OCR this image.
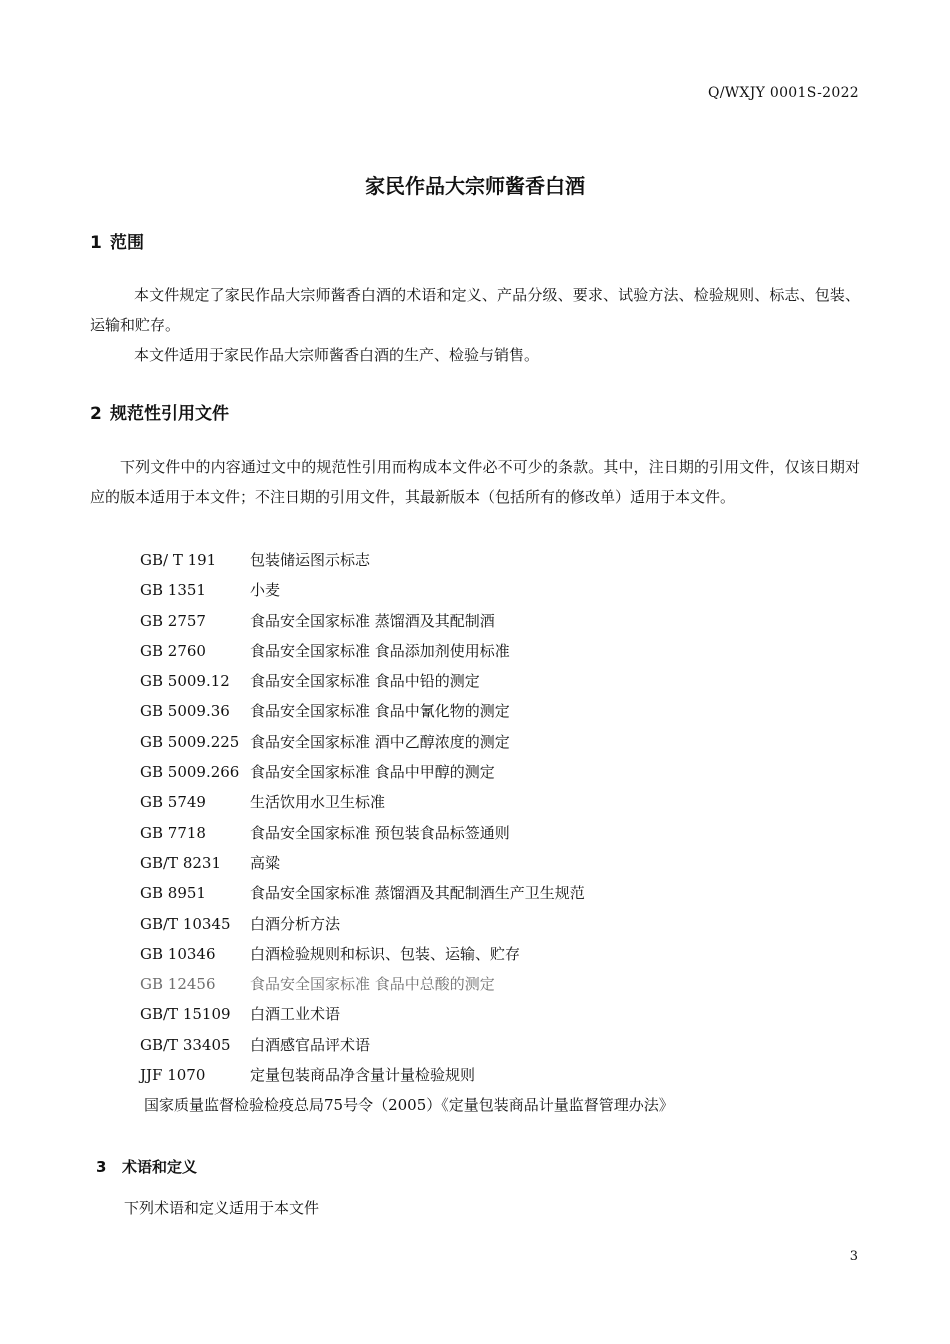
Q/WXJY 0001S-2022
家民作品大宗师酱香白酒
1 范围
本文件规定了家民作品大宗师酱香白酒的术语和定义、产品分级、要求、试验方法、检验规则、标志、包装、运输和贮存。
本文件适用于家民作品大宗师酱香白酒的生产、检验与销售。
2 规范性引用文件
下列文件中的内容通过文中的规范性引用而构成本文件必不可少的条款。其中，注日期的引用文件，仅该日期对应的版本适用于本文件；不注日期的引用文件，其最新版本（包括所有的修改单）适用于本文件。
GB/ T 191 包装储运图示标志
GB 1351	小麦
GB 2757	食品安全国家标准 蒸馏酒及其配制酒
GB 2760	食品安全国家标准 食品添加剂使用标准
GB 5009.12 食品安全国家标准 食品中铅的测定
GB 5009.36 食品安全国家标准 食品中氰化物的测定
GB 5009.225 食品安全国家标准 酒中乙醇浓度的测定
GB 5009.266 食品安全国家标准 食品中甲醇的测定
GB 5749	生活饮用水卫生标准
GB 7718	食品安全国家标准 预包装食品标签通则
GB/T 8231 高粱
GB 8951	食品安全国家标准 蒸馏酒及其配制酒生产卫生规范
GB/T 10345 白酒分析方法
GB 10346 白酒检验规则和标识、包装、运输、贮存
GB 12456 食品安全国家标准 食品中总酸的测定
GB/T 15109 白酒工业术语
GB/T 33405 白酒感官品评术语
JJF 1070	定量包装商品净含量计量检验规则
国家质量监督检验检疫总局75号令（2005）《定量包装商品计量监督管理办法》
3 术语和定义
下列术语和定义适用于本文件
3
